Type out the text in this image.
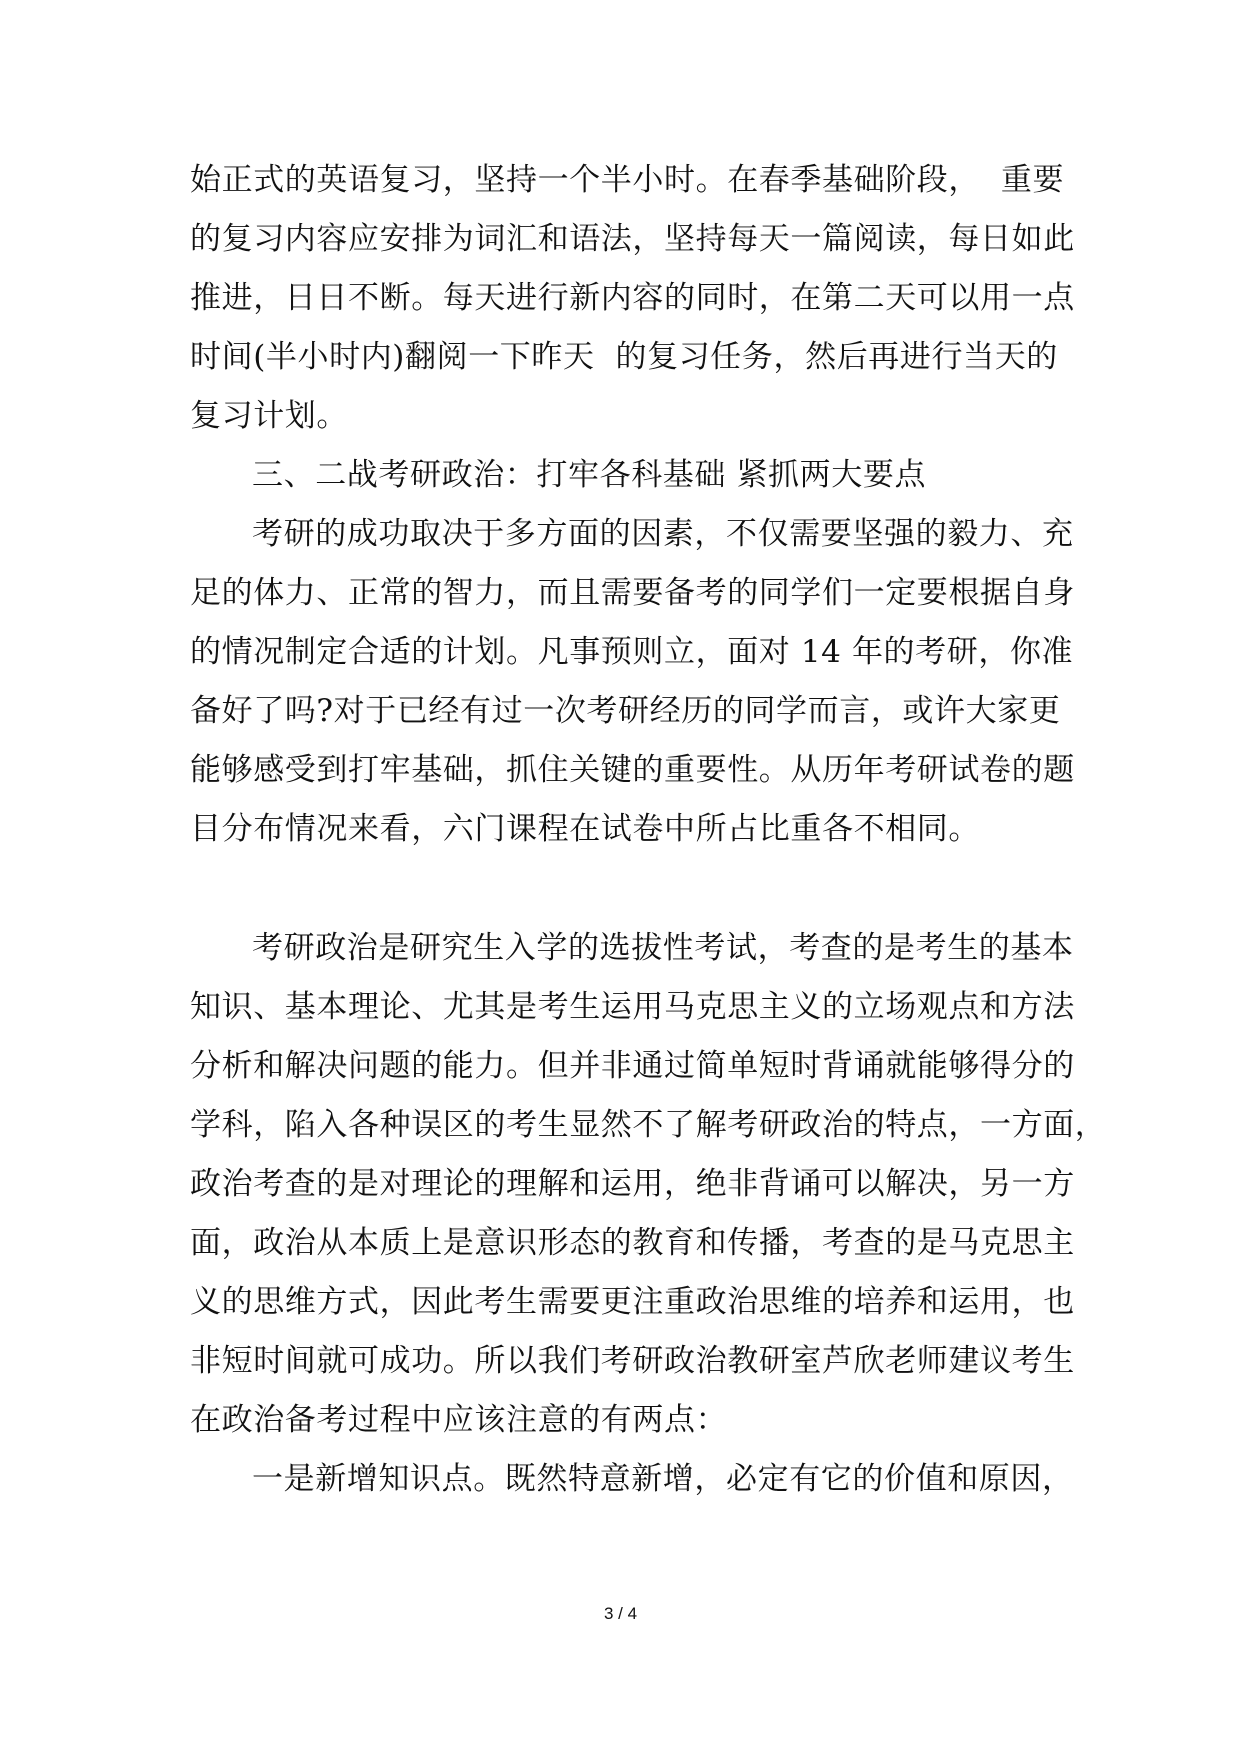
始正式的英语复习，坚持一个半小时。在春季基础阶段，  重要
的复习内容应安排为词汇和语法，坚持每天一篇阅读，每日如此
推进，日日不断。每天进行新内容的同时，在第二天可以用一点
时间(半小时内)翻阅一下昨天  的复习任务，然后再进行当天的
复习计划。
三、二战考研政治：打牢各科基础 紧抓两大要点
考研的成功取决于多方面的因素，不仅需要坚强的毅力、充
足的体力、正常的智力，而且需要备考的同学们一定要根据自身
的情况制定合适的计划。凡事预则立，面对 14 年的考研，你准
备好了吗?对于已经有过一次考研经历的同学而言，或许大家更
能够感受到打牢基础，抓住关键的重要性。从历年考研试卷的题
目分布情况来看，六门课程在试卷中所占比重各不相同。
考研政治是研究生入学的选拔性考试，考查的是考生的基本
知识、基本理论、尤其是考生运用马克思主义的立场观点和方法
分析和解决问题的能力。但并非通过简单短时背诵就能够得分的
学科，陷入各种误区的考生显然不了解考研政治的特点，一方面，
政治考查的是对理论的理解和运用，绝非背诵可以解决，另一方
面，政治从本质上是意识形态的教育和传播，考查的是马克思主
义的思维方式，因此考生需要更注重政治思维的培养和运用，也
非短时间就可成功。所以我们考研政治教研室芦欣老师建议考生
在政治备考过程中应该注意的有两点：
一是新增知识点。既然特意新增，必定有它的价值和原因，
3 / 4
